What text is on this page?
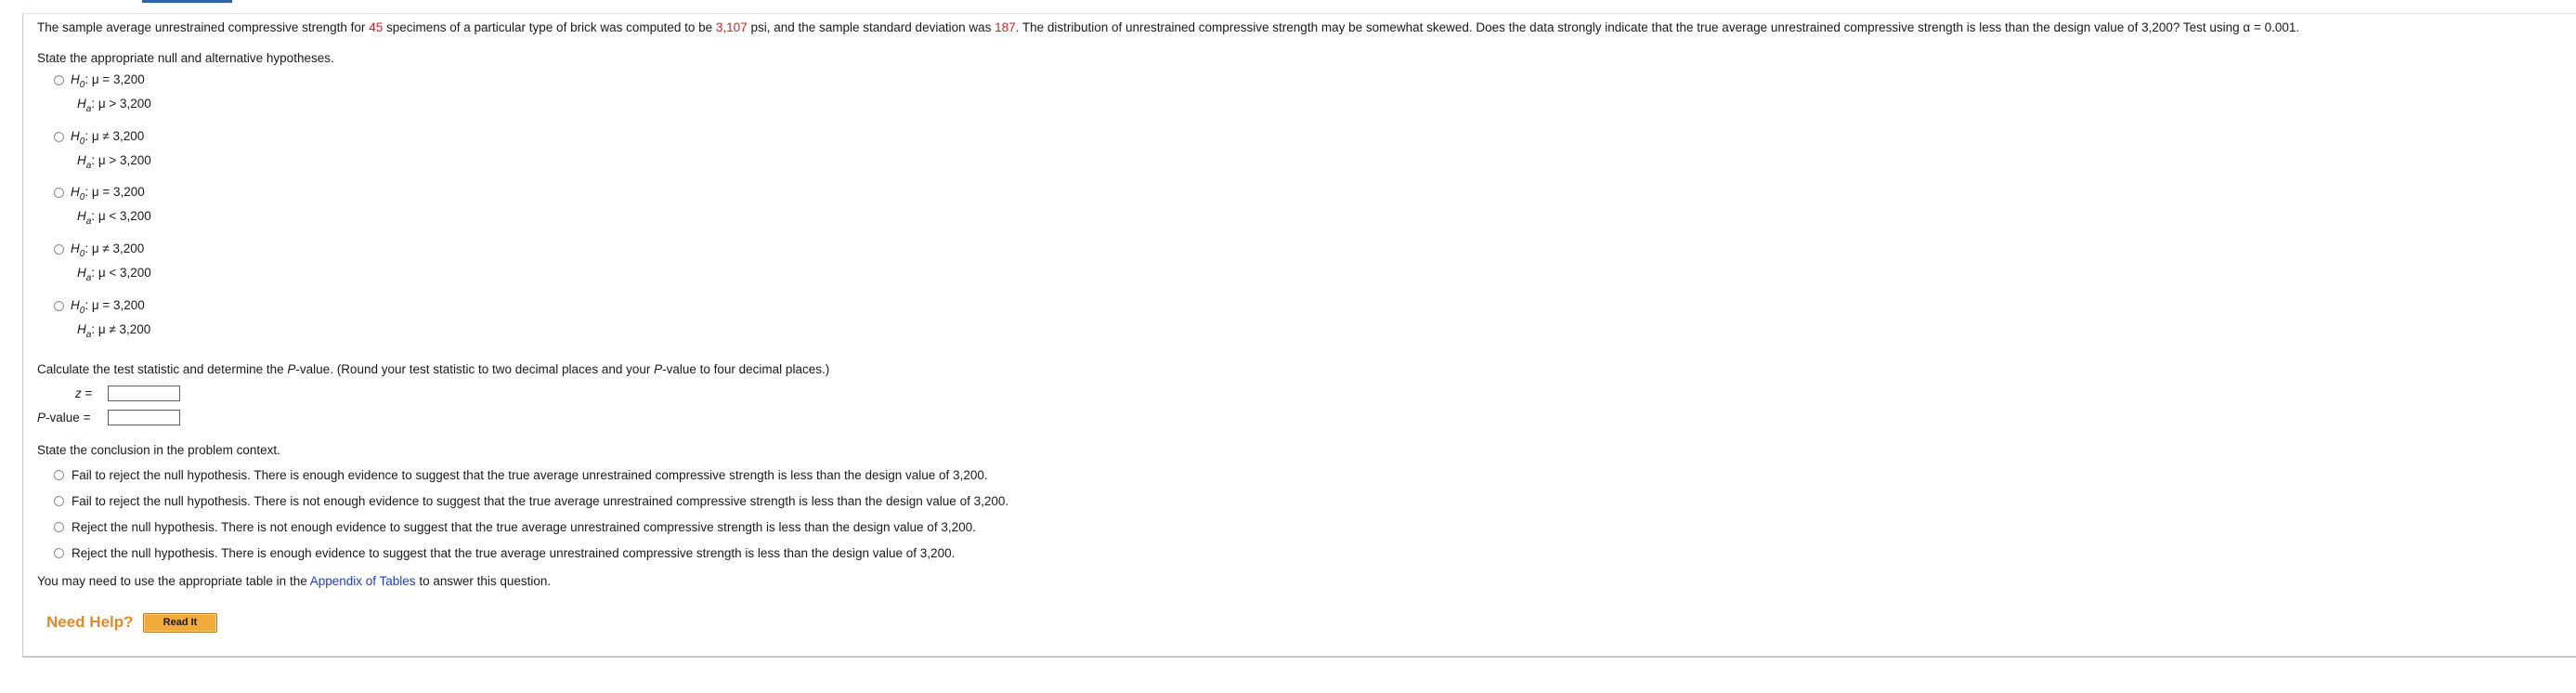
The sample average unrestrained compressive strength for 45 specimens of a particular type of brick was computed to be 3,107 psi, and the sample standard deviation was 187. The distribution of unrestrained compressive strength may be somewhat skewed. Does the data strongly indicate that the true average unrestrained compressive strength is less than the design value of 3,200? Test using α = 0.001.
State the appropriate null and alternative hypotheses.
$H_0$: μ = 3,200
$H_a$: μ > 3,200
$H_0$: μ ≠ 3,200
$H_a$: μ > 3,200
$H_0$: μ = 3,200
$H_a$: μ < 3,200
$H_0$: μ ≠ 3,200
$H_a$: μ < 3,200
$H_0$: μ = 3,200
$H_a$: μ ≠ 3,200
Calculate the test statistic and determine the P-value. (Round your test statistic to two decimal places and your P-value to four decimal places.)
z =
P-value =
State the conclusion in the problem context.
Fail to reject the null hypothesis. There is enough evidence to suggest that the true average unrestrained compressive strength is less than the design value of 3,200.
Fail to reject the null hypothesis. There is not enough evidence to suggest that the true average unrestrained compressive strength is less than the design value of 3,200.
Reject the null hypothesis. There is not enough evidence to suggest that the true average unrestrained compressive strength is less than the design value of 3,200.
Reject the null hypothesis. There is enough evidence to suggest that the true average unrestrained compressive strength is less than the design value of 3,200.
You may need to use the appropriate table in the Appendix of Tables to answer this question.
Need Help?	Read It
